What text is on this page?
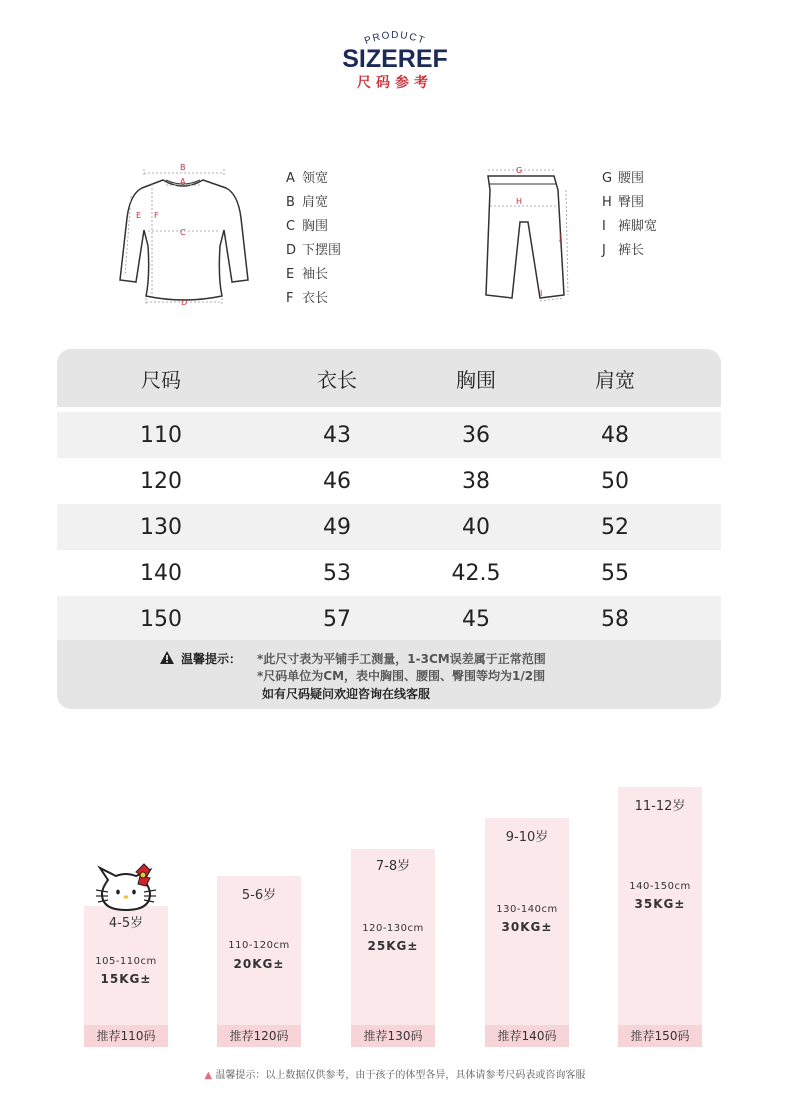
PRODUCT
SIZEREF
尺码参考
B
A
C
D
E F
A 领宽
B 肩宽
C 胸围
D 下摆围
E 袖长
F 衣长
G
H
I
J
G 腰围
H 臀围
I 裤脚宽
J 裤长
尺码	衣长	胸围	肩宽
110	43	36	48
120	46	38	50
130	49	40	52
140	53	42.5	55
150	57	45	58
温馨提示： *此尺寸表为平铺手工测量，1-3CM误差属于正常范围
*尺码单位为CM，表中胸围、腰围、臀围等均为1/2围
如有尺码疑问欢迎咨询在线客服
4-5岁
105-110cm
15KG±
推荐110码
5-6岁
110-120cm
20KG±
推荐120码
7-8岁
120-130cm
25KG±
推荐130码
9-10岁
130-140cm
30KG±
推荐140码
11-12岁
140-150cm
35KG±
推荐150码
▲ 温馨提示：以上数据仅供参考，由于孩子的体型各异，具体请参考尺码表或咨询客服
